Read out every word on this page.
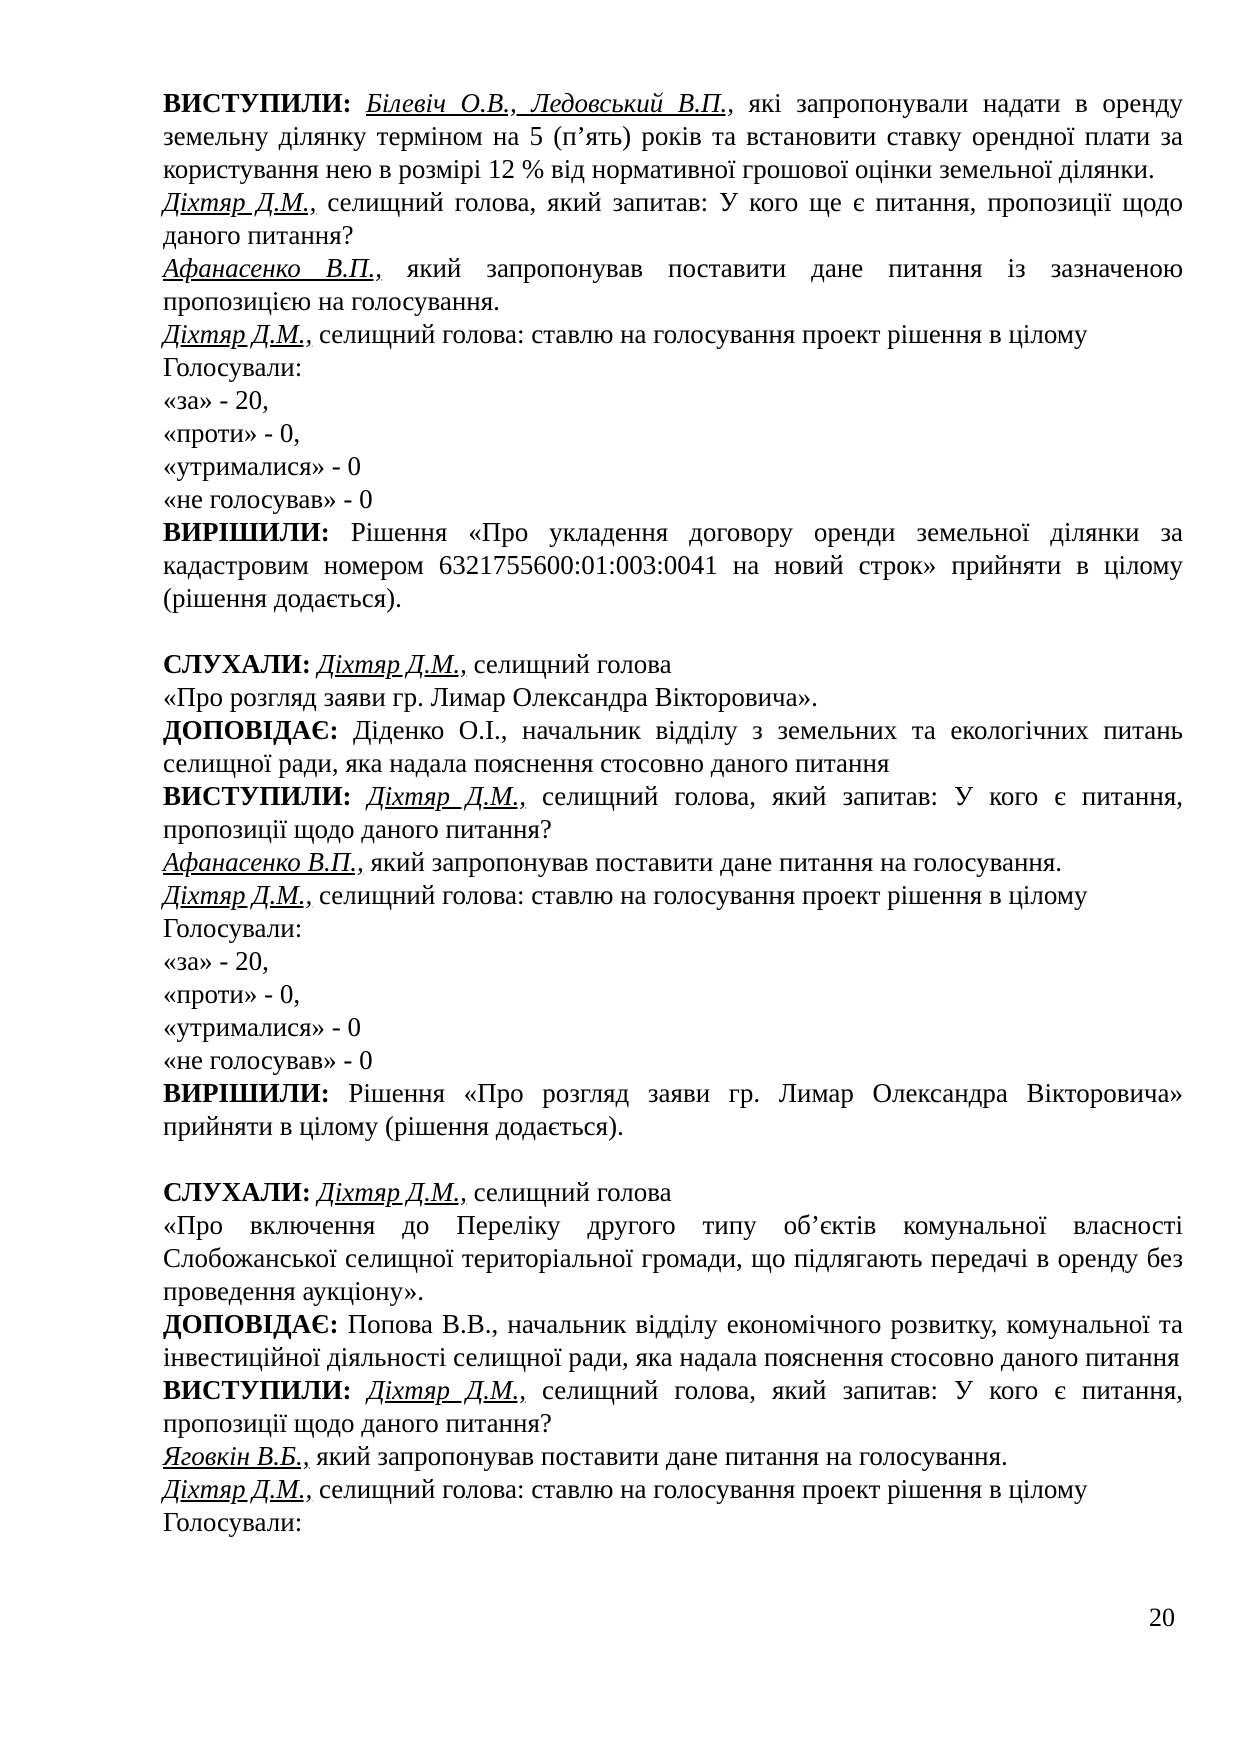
ВИСТУПИЛИ: Білевіч О.В., Ледовський В.П., які запропонували надати в оренду земельну ділянку терміном на 5 (п’ять) років та встановити ставку орендної плати за користування нею в розмірі 12 % від нормативної грошової оцінки земельної ділянки.

Діхтяр Д.М., селищний голова, який запитав: У кого ще є питання, пропозиції щодо даного питання?

Афанасенко В.П., який запропонував поставити дане питання із зазначеною пропозицією на голосування.

Діхтяр Д.М., селищний голова: ставлю на голосування проект рішення в цілому

Голосували:

«за» - 20,

«проти» - 0,

«утрималися» - 0

«не голосував» - 0

ВИРІШИЛИ: Рішення «Про укладення договору оренди земельної ділянки за кадастровим номером 6321755600:01:003:0041 на новий строк» прийняти в цілому (рішення додається).

СЛУХАЛИ: Діхтяр Д.М., селищний голова

«Про розгляд заяви гр. Лимар Олександра Вікторовича».

ДОПОВІДАЄ: Діденко О.І., начальник відділу з земельних та екологічних питань селищної ради, яка надала пояснення стосовно даного питання

ВИСТУПИЛИ: Діхтяр Д.М., селищний голова, який запитав: У кого є питання, пропозиції щодо даного питання?

Афанасенко В.П., який запропонував поставити дане питання на голосування.

Діхтяр Д.М., селищний голова: ставлю на голосування проект рішення в цілому

Голосували:

«за» - 20,

«проти» - 0,

«утрималися» - 0

«не голосував» - 0

ВИРІШИЛИ: Рішення «Про розгляд заяви гр. Лимар Олександра Вікторовича» прийняти в цілому (рішення додається).

СЛУХАЛИ: Діхтяр Д.М., селищний голова

«Про включення до Переліку другого типу об’єктів комунальної власності Слобожанської селищної територіальної громади, що підлягають передачі в оренду без проведення аукціону».

ДОПОВІДАЄ: Попова В.В., начальник відділу економічного розвитку, комунальної та інвестиційної діяльності селищної ради, яка надала пояснення стосовно даного питання

ВИСТУПИЛИ: Діхтяр Д.М., селищний голова, який запитав: У кого є питання, пропозиції щодо даного питання?

Яговкін В.Б., який запропонував поставити дане питання на голосування.

Діхтяр Д.М., селищний голова: ставлю на голосування проект рішення в цілому

Голосували:

20
